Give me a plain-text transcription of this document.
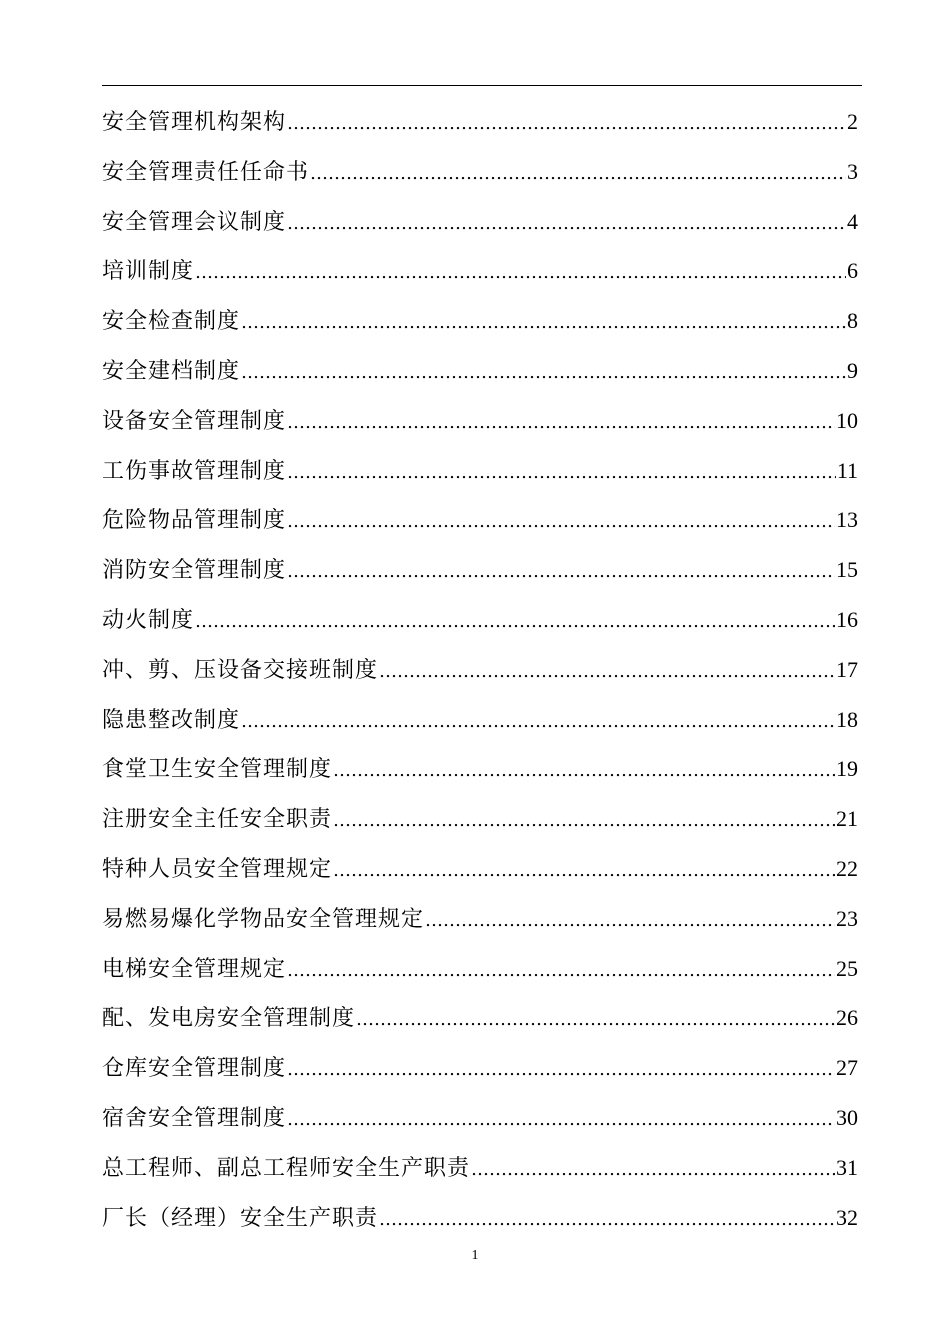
安全管理机构架构 ………………………………………………………………………………………………………………………………………………………………	2
安全管理责任任命书 ………………………………………………………………………………………………………………………………………………………………	3
安全管理会议制度 ………………………………………………………………………………………………………………………………………………………………	4
培训制度 ………………………………………………………………………………………………………………………………………………………………	6
安全检查制度 ………………………………………………………………………………………………………………………………………………………………	8
安全建档制度 ………………………………………………………………………………………………………………………………………………………………	9
设备安全管理制度 ………………………………………………………………………………………………………………………………………………………………	10
工伤事故管理制度 ………………………………………………………………………………………………………………………………………………………………	11
危险物品管理制度 ………………………………………………………………………………………………………………………………………………………………	13
消防安全管理制度 ………………………………………………………………………………………………………………………………………………………………	15
动火制度 ………………………………………………………………………………………………………………………………………………………………	16
冲、剪、压设备交接班制度 ………………………………………………………………………………………………………………………………………………………………	17
隐患整改制度 ………………………………………………………………………………………………………………………………………………………………	18
食堂卫生安全管理制度 ………………………………………………………………………………………………………………………………………………………………	19
注册安全主任安全职责 ………………………………………………………………………………………………………………………………………………………………	21
特种人员安全管理规定 ………………………………………………………………………………………………………………………………………………………………	22
易燃易爆化学物品安全管理规定 ………………………………………………………………………………………………………………………………………………………………	23
电梯安全管理规定 ………………………………………………………………………………………………………………………………………………………………	25
配、发电房安全管理制度 ………………………………………………………………………………………………………………………………………………………………	26
仓库安全管理制度 ………………………………………………………………………………………………………………………………………………………………	27
宿舍安全管理制度 ………………………………………………………………………………………………………………………………………………………………	30
总工程师、副总工程师安全生产职责 ………………………………………………………………………………………………………………………………………………………………	31
厂长（经理）安全生产职责 ………………………………………………………………………………………………………………………………………………………………	32
1
